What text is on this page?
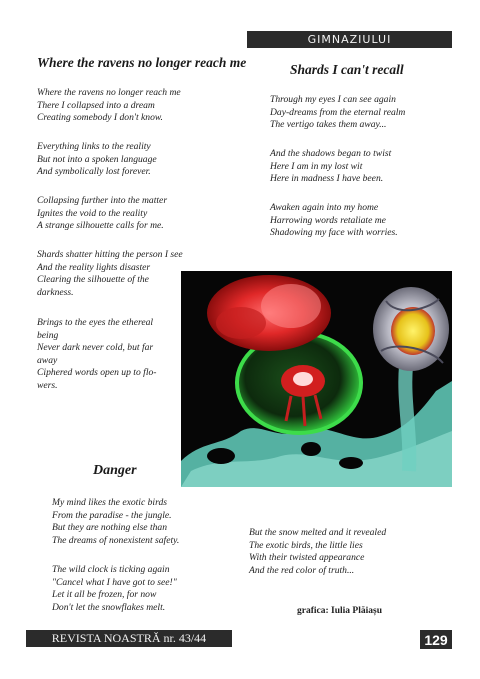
GIMNAZIULUI
Where the ravens no longer reach me
Where the ravens no longer reach me
There I collapsed into a dream
Creating somebody I don't know.
Everything links to the reality
But not into a spoken language
And symbolically lost forever.
Collapsing further into the matter
Ignites the void to the reality
A strange silhouette calls for me.
Shards shatter hitting the person I see
And the reality lights disaster
Clearing the silhouette of the
darkness.
Brings to the eyes the ethereal
being
Never dark never cold, but far
away
Ciphered words open up to flo-
wers.
Shards I can't recall
Through my eyes I can see again
Day-dreams from the eternal realm
The vertigo takes them away...
And the shadows began to twist
Here I am in my lost wit
Here in madness I have been.
Awaken again into my home
Harrowing words retaliate me
Shadowing my face with worries.
Danger
My mind likes the exotic birds
From the paradise - the jungle.
But they are nothing else than
The dreams of nonexistent safety.
The wild clock is ticking again
"Cancel what I have got to see!"
Let it all be frozen, for now
Don't let the snowflakes melt.
But the snow melted and it revealed
The exotic birds, the little lies
With their twisted appearance
And the red color of truth...
grafica: Iulia Plăiașu
REVISTA NOASTRĂ nr. 43/44	129
